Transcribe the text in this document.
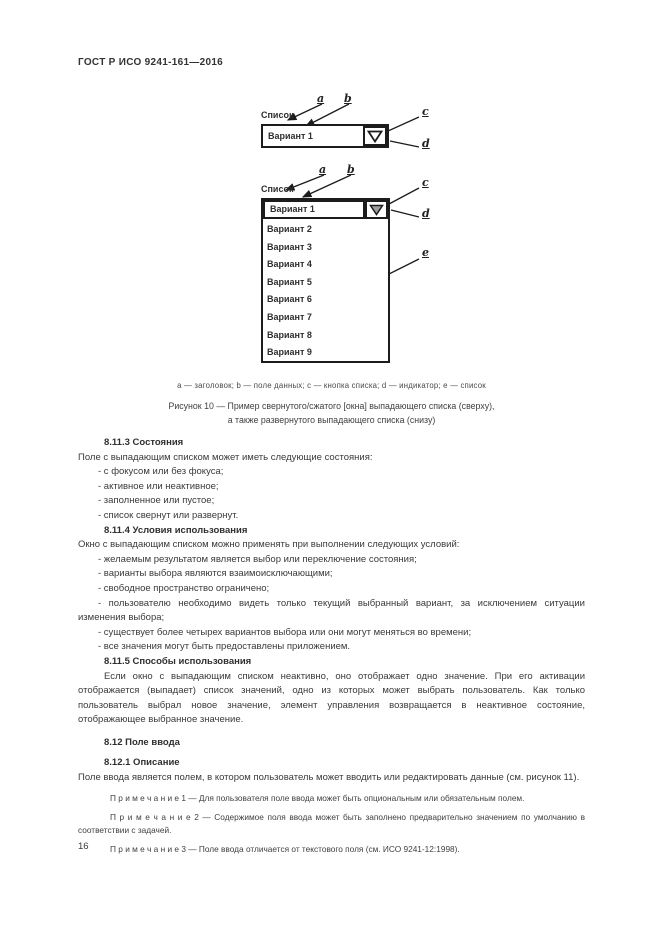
ГОСТ Р ИСО 9241-161—2016
a b
c
d
Список
Вариант 1
a b
c
d
e
Список
Вариант 1
Вариант 2
Вариант 3
Вариант 4
Вариант 5
Вариант 6
Вариант 7
Вариант 8
Вариант 9
a — заголовок; b — поле данных; c — кнопка списка; d — индикатор; e — список
Рисунок 10 — Пример свернутого/сжатого [окна] выпадающего списка (сверху),
а также развернутого выпадающего списка (снизу)
8.11.3 Состояния

Поле с выпадающим списком может иметь следующие состояния:

- с фокусом или без фокуса;

- активное или неактивное;

- заполненное или пустое;

- список свернут или развернут.

8.11.4 Условия использования

Окно с выпадающим списком можно применять при выполнении следующих условий:

- желаемым результатом является выбор или переключение состояния;

- варианты выбора являются взаимоисключающими;

- свободное пространство ограничено;

- пользователю необходимо видеть только текущий выбранный вариант, за исключением ситуации изменения выбора;

- существует более четырех вариантов выбора или они могут меняться во времени;

- все значения могут быть предоставлены приложением.

8.11.5 Способы использования

Если окно с выпадающим списком неактивно, оно отображает одно значение. При его активации отображается (выпадает) список значений, одно из которых может выбрать пользователь. Как только пользователь выбрал новое значение, элемент управления возвращается в неактивное состояние, отображающее выбранное значение.

8.12 Поле ввода
8.12.1 Описание

Поле ввода является полем, в котором пользователь может вводить или редактировать данные (см. рисунок 11).

П р и м е ч а н и е 1 — Для пользователя поле ввода может быть опциональным или обязательным полем.

П р и м е ч а н и е 2 — Содержимое поля ввода может быть заполнено предварительно значением по умолчанию в соответствии с задачей.

П р и м е ч а н и е 3 — Поле ввода отличается от текстового поля (см. ИСО 9241-12:1998).

16
